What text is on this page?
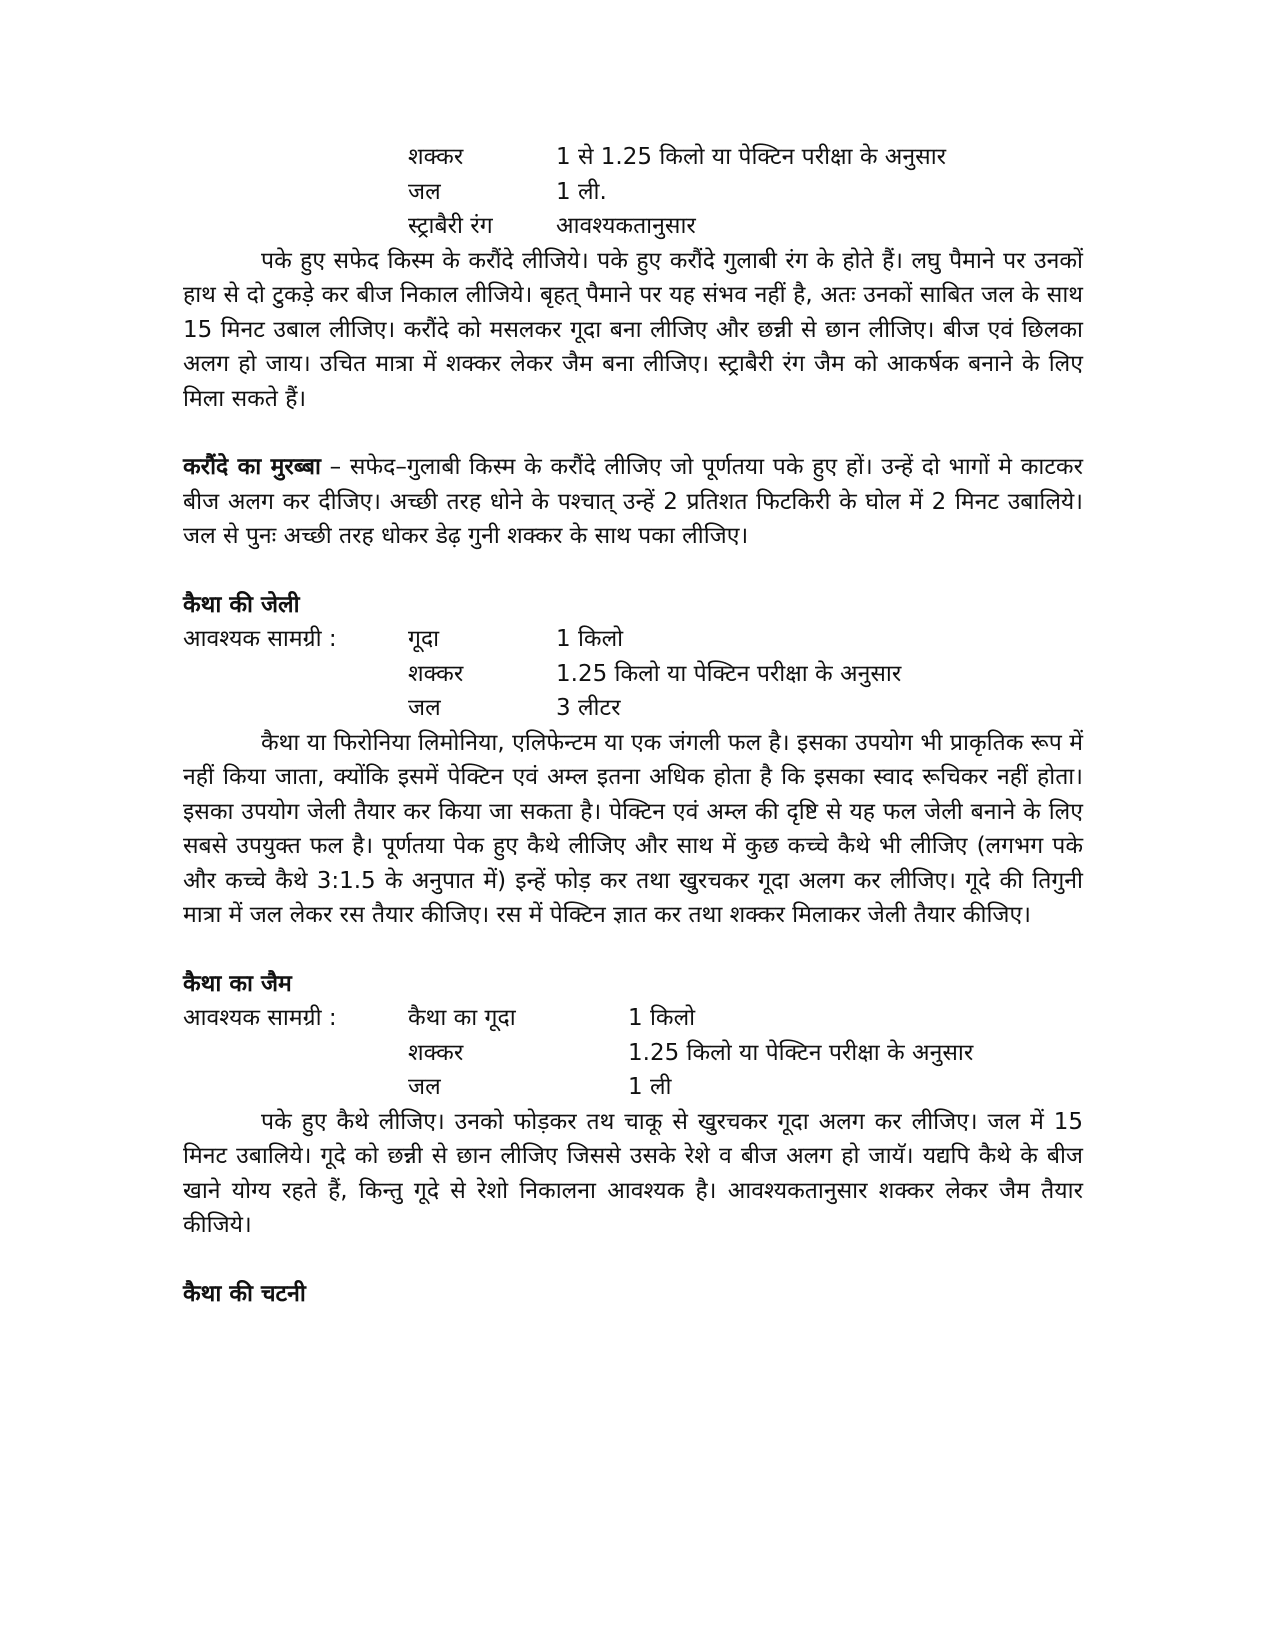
शक्कर	1 से 1.25 किलो या पेक्टिन परीक्षा के अनुसार
जल	1 ली.
स्ट्राबैरी रंग	आवश्यकतानुसार

पके हुए सफेद किस्म के करौंदे लीजिये। पके हुए करौंदे गुलाबी रंग के होते हैं। लघु पैमाने पर उनकों हाथ से दो टुकड़े कर बीज निकाल लीजिये। बृहत् पैमाने पर यह संभव नहीं है, अतः उनकों साबित जल के साथ 15 मिनट उबाल लीजिए। करौंदे को मसलकर गूदा बना लीजिए और छन्नी से छान लीजिए। बीज एवं छिलका अलग हो जाय। उचित मात्रा में शक्कर लेकर जैम बना लीजिए। स्ट्राबैरी रंग जैम को आकर्षक बनाने के लिए मिला सकते हैं।

करौंदे का मुरब्बा – सफेद–गुलाबी किस्म के करौंदे लीजिए जो पूर्णतया पके हुए हों। उन्हें दो भागों मे काटकर बीज अलग कर दीजिए। अच्छी तरह धोने के पश्चात् उन्हें 2 प्रतिशत फिटकिरी के घोल में 2 मिनट उबालिये। जल से पुनः अच्छी तरह धोकर डेढ़ गुनी शक्कर के साथ पका लीजिए।

कैथा की जेली

आवश्यक सामग्री :	गूदा	1 किलो
शक्कर	1.25 किलो या पेक्टिन परीक्षा के अनुसार
जल	3 लीटर

कैथा या फिरोनिया लिमोनिया, एलिफेन्टम या एक जंगली फल है। इसका उपयोग भी प्राकृतिक रूप में नहीं किया जाता, क्योंकि इसमें पेक्टिन एवं अम्ल इतना अधिक होता है कि इसका स्वाद रूचिकर नहीं होता। इसका उपयोग जेली तैयार कर किया जा सकता है। पेक्टिन एवं अम्ल की दृष्टि से यह फल जेली बनाने के लिए सबसे उपयुक्त फल है। पूर्णतया पेक हुए कैथे लीजिए और साथ में कुछ कच्चे कैथे भी लीजिए (लगभग पके और कच्चे कैथे 3:1.5 के अनुपात में) इन्हें फोड़ कर तथा खुरचकर गूदा अलग कर लीजिए। गूदे की तिगुनी मात्रा में जल लेकर रस तैयार कीजिए। रस में पेक्टिन ज्ञात कर तथा शक्कर मिलाकर जेली तैयार कीजिए।

कैथा का जैम

आवश्यक सामग्री :	कैथा का गूदा	1 किलो
शक्कर	1.25 किलो या पेक्टिन परीक्षा के अनुसार
जल	1 ली

पके हुए कैथे लीजिए। उनको फोड़कर तथ चाकू से खुरचकर गूदा अलग कर लीजिए। जल में 15 मिनट उबालिये। गूदे को छन्नी से छान लीजिए जिससे उसके रेशे व बीज अलग हो जायॅ। यद्यपि कैथे के बीज खाने योग्य रहते हैं, किन्तु गूदे से रेशो निकालना आवश्यक है। आवश्यकतानुसार शक्कर लेकर जैम तैयार कीजिये।

कैथा की चटनी
